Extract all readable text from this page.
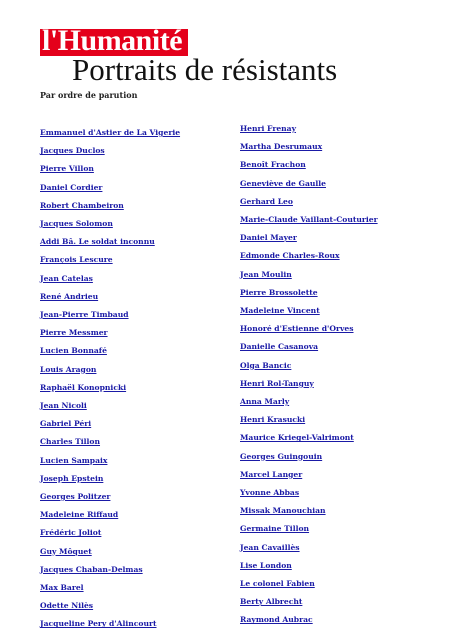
l'Humanité
Portraits de résistants

Par ordre de parution

Emmanuel d'Astier de La Vigerie
Jacques Duclos
Pierre Villon
Daniel Cordier
Robert Chambeiron
Jacques Solomon
Addi Bâ. Le soldat inconnu
François Lescure
Jean Catelas
René Andrieu
Jean-Pierre Timbaud
Pierre Messmer
Lucien Bonnafé
Louis Aragon
Raphaël Konopnicki
Jean Nicoli
Gabriel Péri
Charles Tillon
Lucien Sampaix
Joseph Epstein
Georges Politzer
Madeleine Riffaud
Frédéric Joliot
Guy Môquet
Jacques Chaban-Delmas
Max Barel
Odette Nilès
Jacqueline Pery d'Alincourt
Henri Frenay
Martha Desrumaux
Benoît Frachon
Geneviève de Gaulle
Gerhard Leo
Marie-Claude Vaillant-Couturier
Daniel Mayer
Edmonde Charles-Roux
Jean Moulin
Pierre Brossolette
Madeleine Vincent
Honoré d'Estienne d'Orves
Danielle Casanova
Olga Bancic
Henri Rol-Tanguy
Anna Marly
Henri Krasucki
Maurice Kriegel-Valrimont
Georges Guingouin
Marcel Langer
Yvonne Abbas
Missak Manouchian
Germaine Tillon
Jean Cavaillès
Lise London
Le colonel Fabien
Berty Albrecht
Raymond Aubrac
